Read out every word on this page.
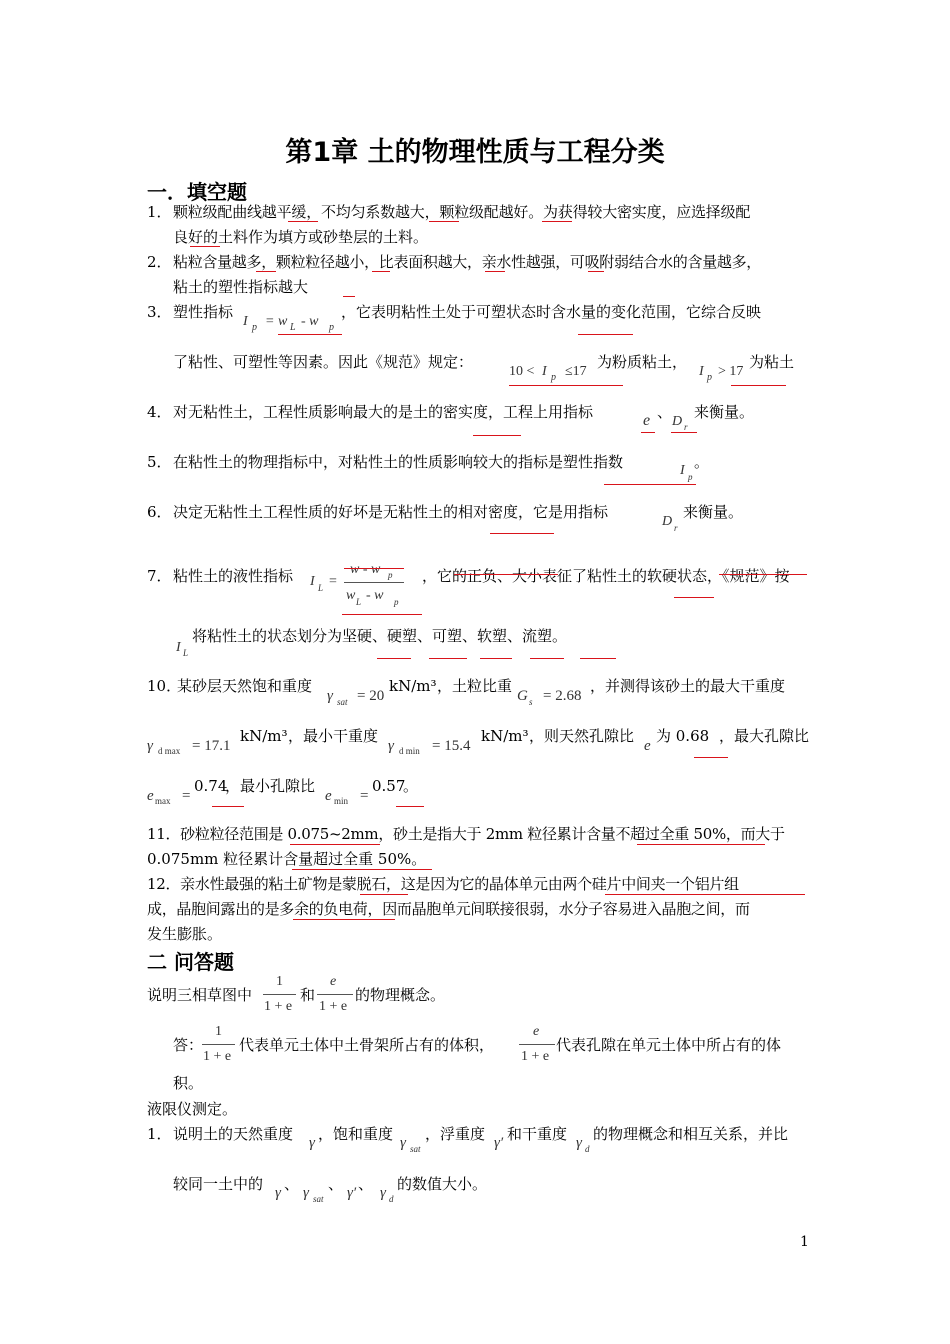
第1章 土的物理性质与工程分类
一．填空题
1． 颗粒级配曲线越平缓，不均匀系数越大，颗粒级配越好。为获得较大密实度，应选择级配
良好的土料作为填方或砂垫层的土料。
2． 粘粒含量越多，颗粒粒径越小，比表面积越大，亲水性越强，可吸附弱结合水的含量越多，
粘土的塑性指标越大
3． 塑性指标
I p = w L - w p
，它表明粘性土处于可塑状态时含水量的变化范围，它综合反映
了粘性、可塑性等因素。因此《规范》规定：
10 < I p ≤17
为粉质粘土，
I p > 17
为粘土
4． 对无粘性土，工程性质影响最大的是土的密实度，工程上用指标	e 、
D r
来衡量。
5． 在粘性土的物理指标中，对粘性土的性质影响较大的指标是塑性指数	I p
。
6． 决定无粘性土工程性质的好坏是无粘性土的相对密度，它是用指标
D r
来衡量。
7． 粘性土的液性指标 I L =
w - w p
w L - w p
，它的正负、大小表征了粘性土的软硬状态，《规范》按
I L
将粘性土的状态划分为坚硬、硬塑、可塑、软塑、流塑。
10．
某砂层天然饱和重度
γ sat = 20
kN/m³ ，土粒比重
G s = 2.68
，并测得该砂土的最大干重度
γ d max = 17.1
kN/m³ ，最小干重度
γ d min = 15.4
kN/m³ ，则天然孔隙比
e
为 0.68 ，最大孔隙比
e max =
0.74
，最小孔隙比
e min =
0.57
。
11．砂粒粒径范围是 0.075~2mm，砂土是指大于 2mm 粒径累计含量不超过全重 50%，而大于
0.075mm 粒径累计含量超过全重 50%。
12．亲水性最强的粘土矿物是蒙脱石，这是因为它的晶体单元由两个硅片中间夹一个铝片组
成，晶胞间露出的是多余的负电荷，因而晶胞单元间联接很弱，水分子容易进入晶胞之间，而
发生膨胀。
二 问答题
说明三相草图中
1
1 + e
和
e
1 + e
的物理概念。
答：
1
1 + e
代表单元土体中土骨架所占有的体积，
e
1 + e
代表孔隙在单元土体中所占有的体
积。
液限仪测定。
1． 说明土的天然重度 γ ，饱和重度 γ sat
，浮重度 γ′ 和干重度 γ d
的物理概念和相互关系，并比
较同一土中的 γ 、 γ sat
、 γ′ 、 γ d
的数值大小。
1
